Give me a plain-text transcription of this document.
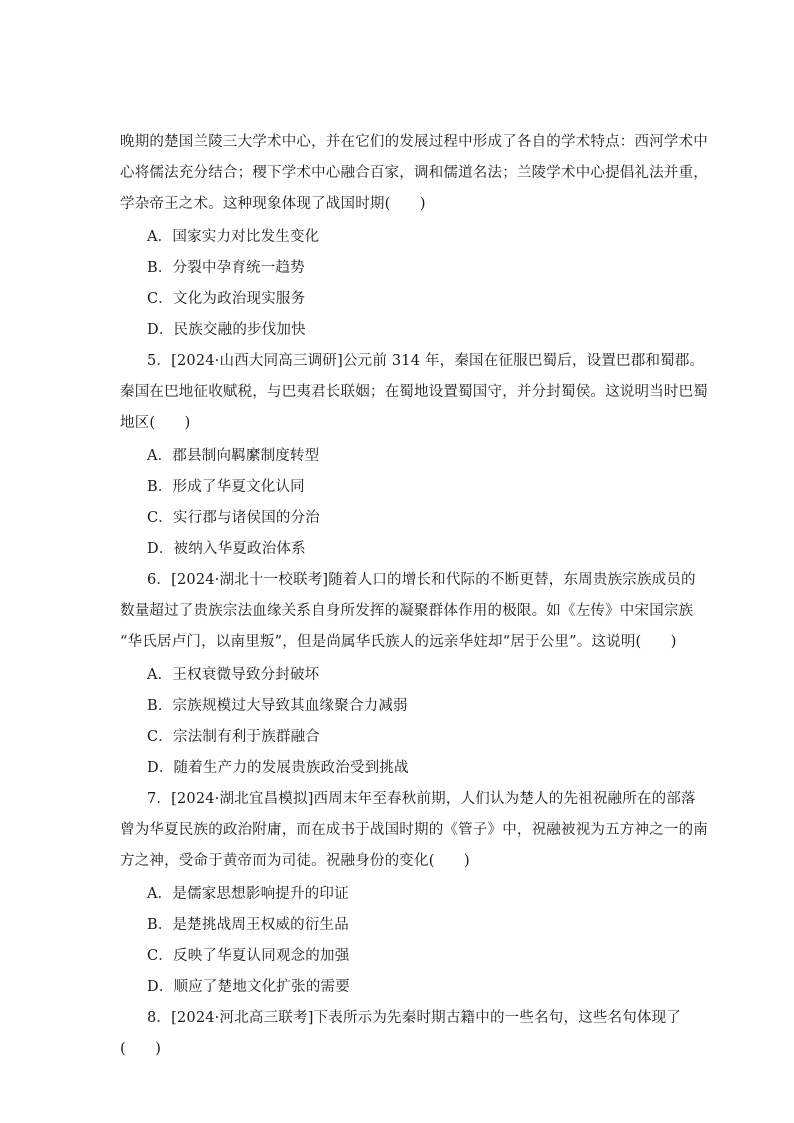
晚期的楚国兰陵三大学术中心，并在它们的发展过程中形成了各自的学术特点：西河学术中
心将儒法充分结合；稷下学术中心融合百家，调和儒道名法；兰陵学术中心提倡礼法并重，
学杂帝王之术。这种现象体现了战国时期(　　)
A．国家实力对比发生变化
B．分裂中孕育统一趋势
C．文化为政治现实服务
D．民族交融的步伐加快
5．[2024·山西大同高三调研]公元前 314 年，秦国在征服巴蜀后，设置巴郡和蜀郡。
秦国在巴地征收赋税，与巴夷君长联姻；在蜀地设置蜀国守，并分封蜀侯。这说明当时巴蜀
地区(　　)
A．郡县制向羁縻制度转型
B．形成了华夏文化认同
C．实行郡与诸侯国的分治
D．被纳入华夏政治体系
6．[2024·湖北十一校联考]随着人口的增长和代际的不断更替，东周贵族宗族成员的
数量超过了贵族宗法血缘关系自身所发挥的凝聚群体作用的极限。如《左传》中宋国宗族
“华氏居卢门，以南里叛”，但是尚属华氏族人的远亲华妵却“居于公里”。这说明(　　)
A．王权衰微导致分封破坏
B．宗族规模过大导致其血缘聚合力减弱
C．宗法制有利于族群融合
D．随着生产力的发展贵族政治受到挑战
7．[2024·湖北宜昌模拟]西周末年至春秋前期，人们认为楚人的先祖祝融所在的部落
曾为华夏民族的政治附庸，而在成书于战国时期的《管子》中，祝融被视为五方神之一的南
方之神，受命于黄帝而为司徒。祝融身份的变化(　　)
A．是儒家思想影响提升的印证
B．是楚挑战周王权威的衍生品
C．反映了华夏认同观念的加强
D．顺应了楚地文化扩张的需要
8．[2024·河北高三联考]下表所示为先秦时期古籍中的一些名句，这些名句体现了
(　　)
